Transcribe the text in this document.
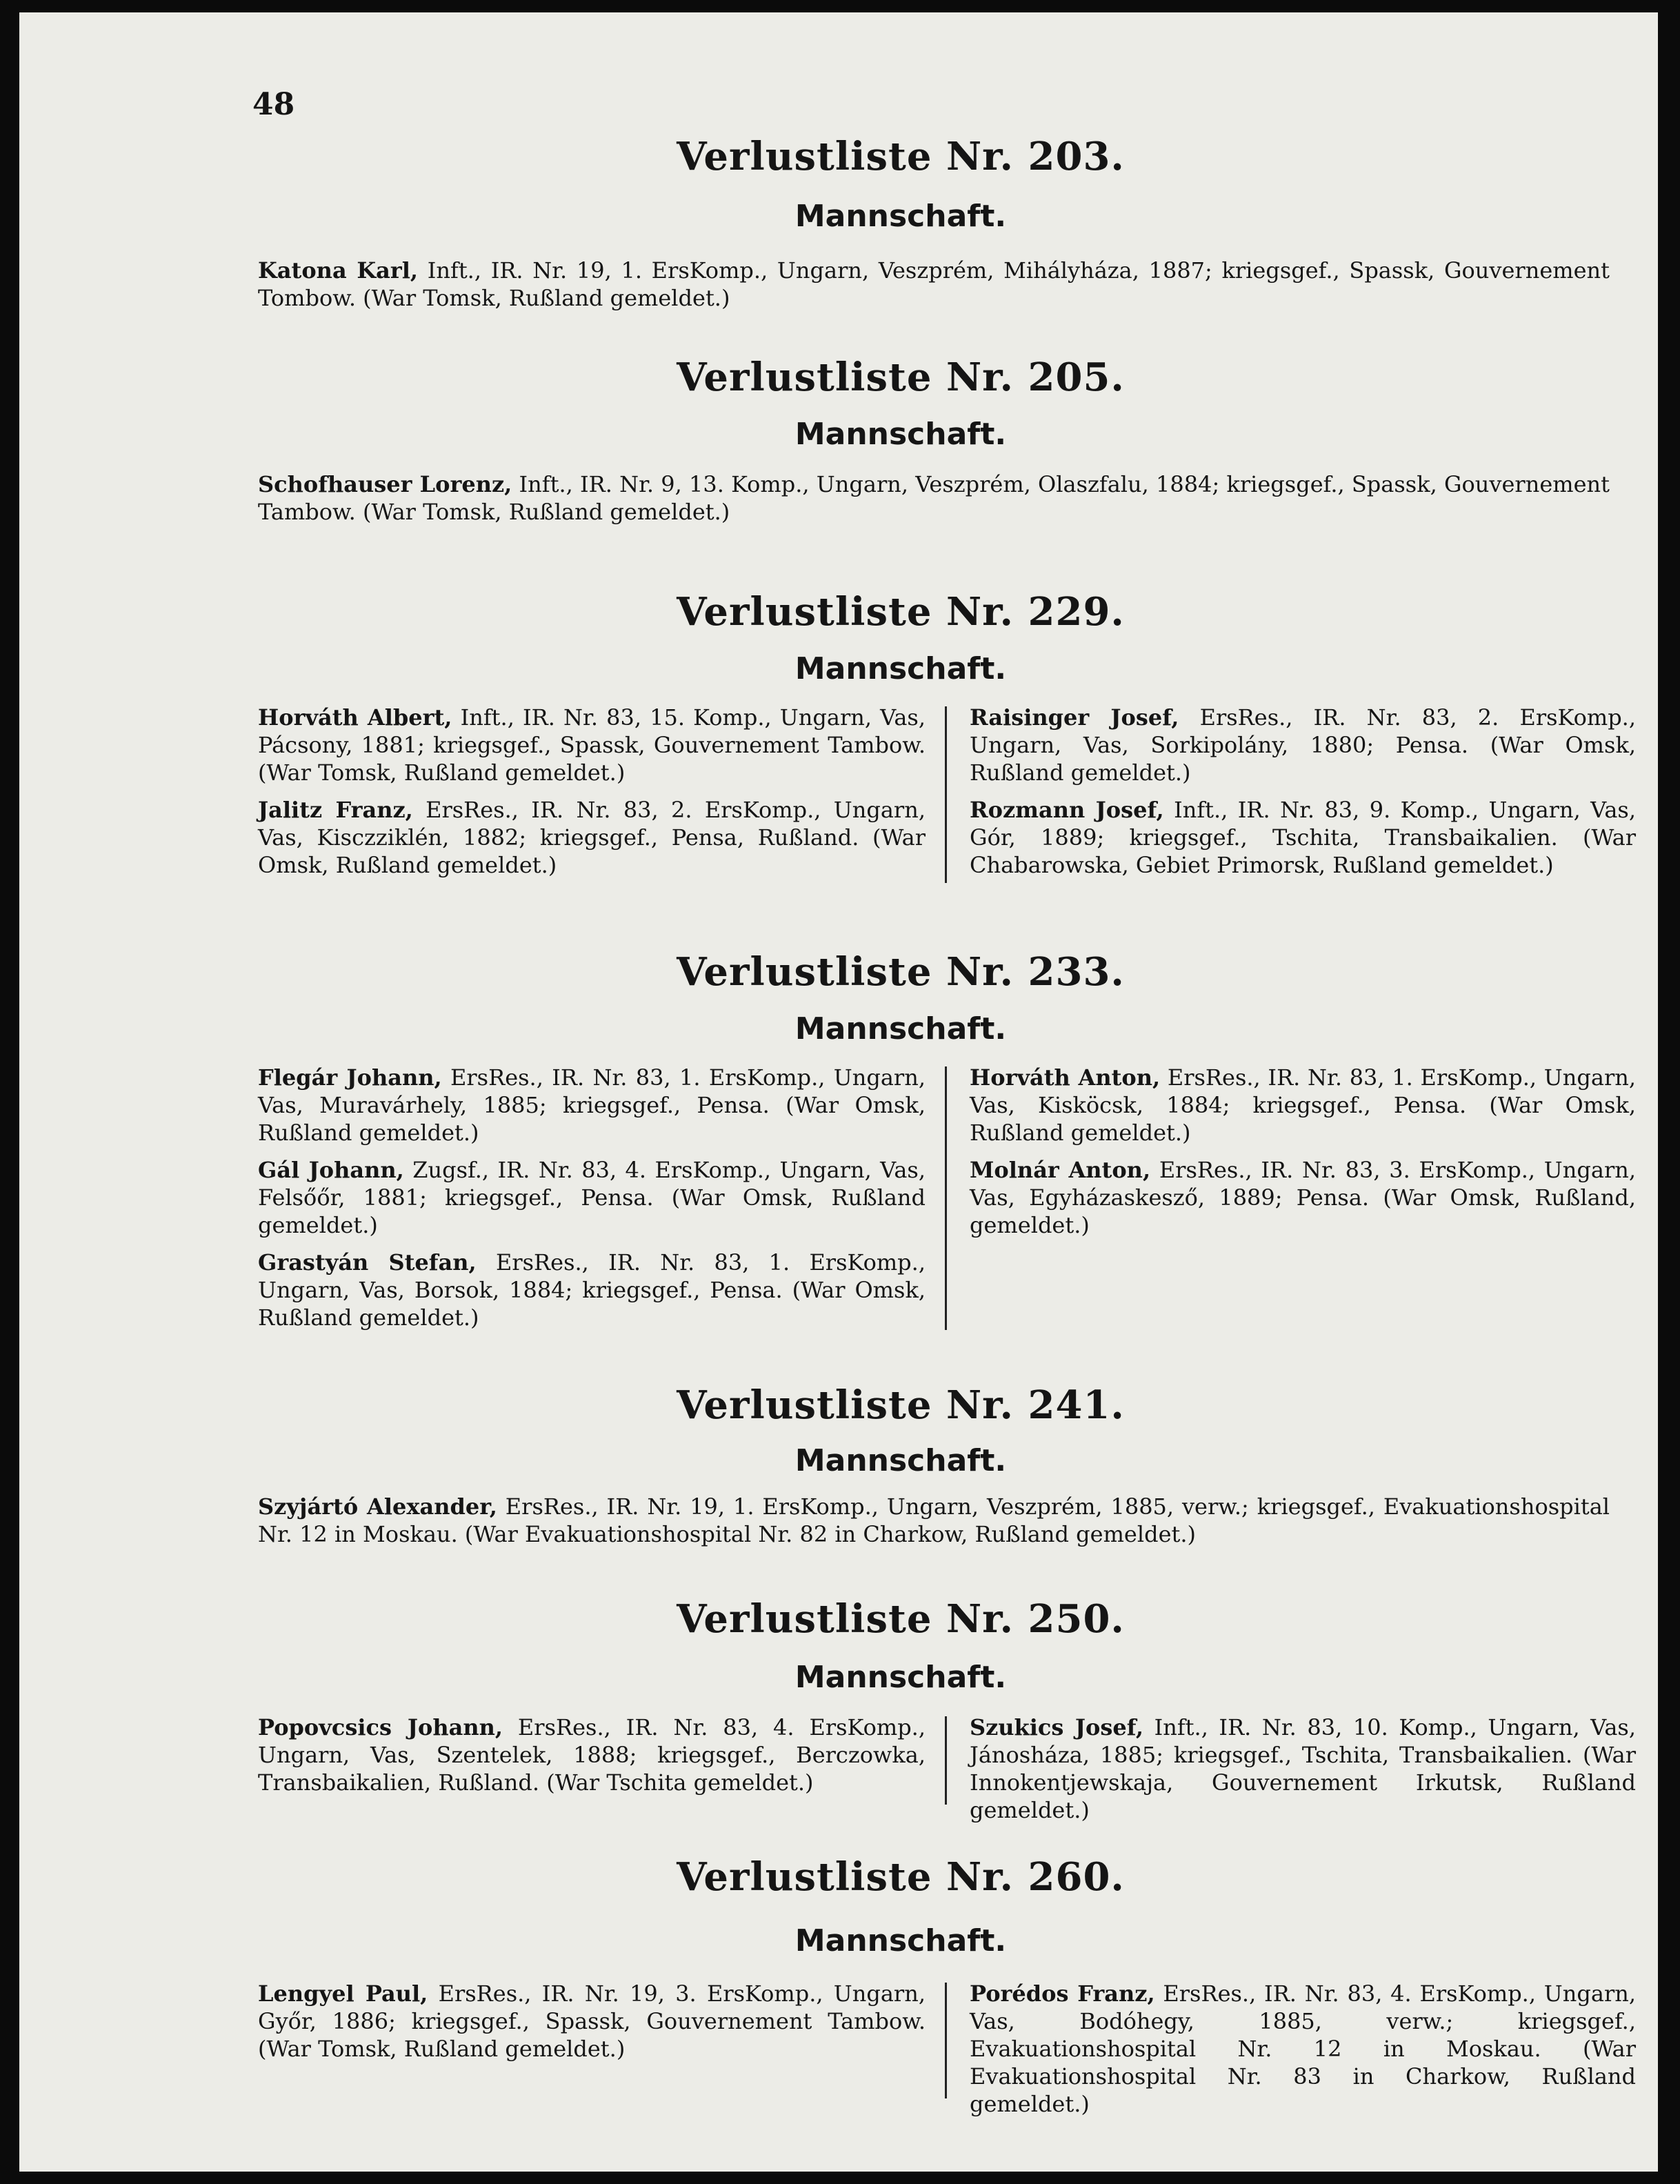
48
Verlustliste Nr. 203.
Mannschaft.
Katona Karl, Inft., IR. Nr. 19, 1. ErsKomp., Ungarn, Veszprém, Mihályháza, 1887; kriegsgef., Spassk, Gouvernement Tombow. (War Tomsk, Rußland gemeldet.)
Verlustliste Nr. 205.
Mannschaft.
Schofhauser Lorenz, Inft., IR. Nr. 9, 13. Komp., Ungarn, Veszprém, Olaszfalu, 1884; kriegsgef., Spassk, Gouvernement Tambow. (War Tomsk, Rußland gemeldet.)
Verlustliste Nr. 229.
Mannschaft.
Horváth Albert, Inft., IR. Nr. 83, 15. Komp., Ungarn, Vas, Pácsony, 1881; kriegsgef., Spassk, Gouvernement Tambow. (War Tomsk, Rußland gemeldet.)
Jalitz Franz, ErsRes., IR. Nr. 83, 2. ErsKomp., Ungarn, Vas, Kisczziklén, 1882; kriegsgef., Pensa, Rußland. (War Omsk, Rußland gemeldet.)
Raisinger Josef, ErsRes., IR. Nr. 83, 2. ErsKomp., Ungarn, Vas, Sorkipolány, 1880; Pensa. (War Omsk, Rußland gemeldet.)
Rozmann Josef, Inft., IR. Nr. 83, 9. Komp., Ungarn, Vas, Gór, 1889; kriegsgef., Tschita, Transbaikalien. (War Chabarowska, Gebiet Primorsk, Rußland gemeldet.)
Verlustliste Nr. 233.
Mannschaft.
Flegár Johann, ErsRes., IR. Nr. 83, 1. ErsKomp., Ungarn, Vas, Muravárhely, 1885; kriegsgef., Pensa. (War Omsk, Rußland gemeldet.)
Gál Johann, Zugsf., IR. Nr. 83, 4. ErsKomp., Ungarn, Vas, Felsőőr, 1881; kriegsgef., Pensa. (War Omsk, Rußland gemeldet.)
Grastyán Stefan, ErsRes., IR. Nr. 83, 1. ErsKomp., Ungarn, Vas, Borsok, 1884; kriegsgef., Pensa. (War Omsk, Rußland gemeldet.)
Horváth Anton, ErsRes., IR. Nr. 83, 1. ErsKomp., Ungarn, Vas, Kisköcsk, 1884; kriegsgef., Pensa. (War Omsk, Rußland gemeldet.)
Molnár Anton, ErsRes., IR. Nr. 83, 3. ErsKomp., Ungarn, Vas, Egyházaskesző, 1889; Pensa. (War Omsk, Rußland, gemeldet.)
Verlustliste Nr. 241.
Mannschaft.
Szyjártó Alexander, ErsRes., IR. Nr. 19, 1. ErsKomp., Ungarn, Veszprém, 1885, verw.; kriegsgef., Evakuationshospital Nr. 12 in Moskau. (War Evakuationshospital Nr. 82 in Charkow, Rußland gemeldet.)
Verlustliste Nr. 250.
Mannschaft.
Popovcsics Johann, ErsRes., IR. Nr. 83, 4. ErsKomp., Ungarn, Vas, Szentelek, 1888; kriegsgef., Berczowka, Transbaikalien, Rußland. (War Tschita gemeldet.)
Szukics Josef, Inft., IR. Nr. 83, 10. Komp., Ungarn, Vas, Jánosháza, 1885; kriegsgef., Tschita, Transbaikalien. (War Innokentjewskaja, Gouvernement Irkutsk, Rußland gemeldet.)
Verlustliste Nr. 260.
Mannschaft.
Lengyel Paul, ErsRes., IR. Nr. 19, 3. ErsKomp., Ungarn, Győr, 1886; kriegsgef., Spassk, Gouvernement Tambow. (War Tomsk, Rußland gemeldet.)
Porédos Franz, ErsRes., IR. Nr. 83, 4. ErsKomp., Ungarn, Vas, Bodóhegy, 1885, verw.; kriegsgef., Evakuationshospital Nr. 12 in Moskau. (War Evakuationshospital Nr. 83 in Charkow, Rußland gemeldet.)
